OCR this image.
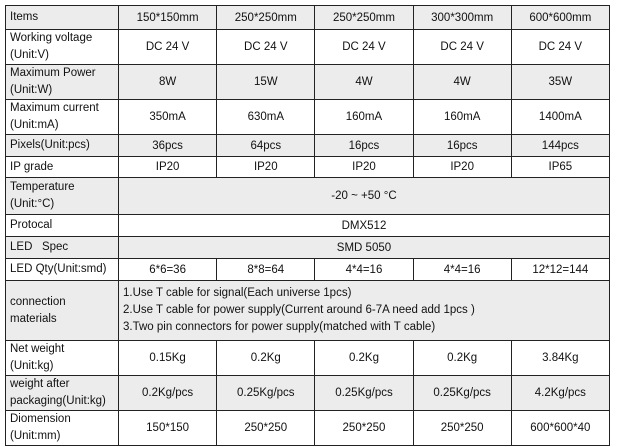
Items	150*150mm	250*250mm	250*250mm	300*300mm	600*600mm

Working voltage
(Unit:V)	DC 24 V	DC 24 V	DC 24 V	DC 24 V	DC 24 V

Maximum Power
(Unit:W)	8W	15W	4W	4W	35W

Maximum current
(Unit:mA)	350mA	630mA	160mA	160mA	1400mA
Pixels(Unit:pcs)	36pcs	64pcs	16pcs	16pcs	144pcs
IP grade	IP20	IP20	IP20	IP20	IP65

Temperature
(Unit:°C)	-20 ~ +50 °C				
Protocal	DMX512				
LED   Spec	SMD 5050				
LED Qty(Unit:smd)	6*6=36	8*8=64	4*4=16	4*4=16	12*12=144

connection
materials	1.Use T cable for signal(Each universe 1pcs)
2.Use T cable for power supply(Current around 6-7A need add 1pcs )
3.Two pin connectors for power supply(matched with T cable)				

Net weight
(Unit:kg)	0.15Kg	0.2Kg	0.2Kg	0.2Kg	3.84Kg

weight after
packaging(Unit:kg)	0.2Kg/pcs	0.25Kg/pcs	0.25Kg/pcs	0.25Kg/pcs	4.2Kg/pcs

Diomension
(Unit:mm)	150*150	250*250	250*250	250*250	600*600*40
